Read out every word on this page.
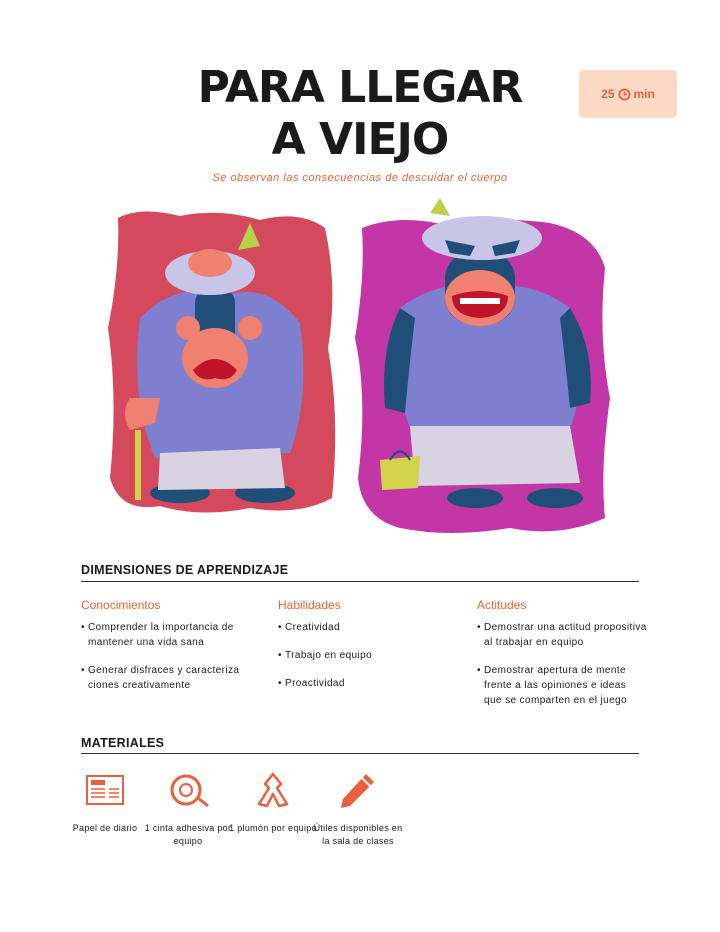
PARA LLEGAR
A VIEJO
25 min
Se observan las consecuencias de descuidar el cuerpo
DIMENSIONES DE APRENDIZAJE
Conocimientos
• Comprender la importancia de mantener una vida sana
• Generar disfraces y caracteriza ciones creativamente
Habilidades
• Creatividad
• Trabajo en equipo
• Proactividad
Actitudes
• Demostrar una actitud propositiva al trabajar en equipo
• Demostrar apertura de mente frente a las opiniones e ideas que se comparten en el juego
MATERIALES
Papel de diario 1 cinta adhesiva por equipo
1 plumón por equipo
Útiles disponibles en la sala de clases
